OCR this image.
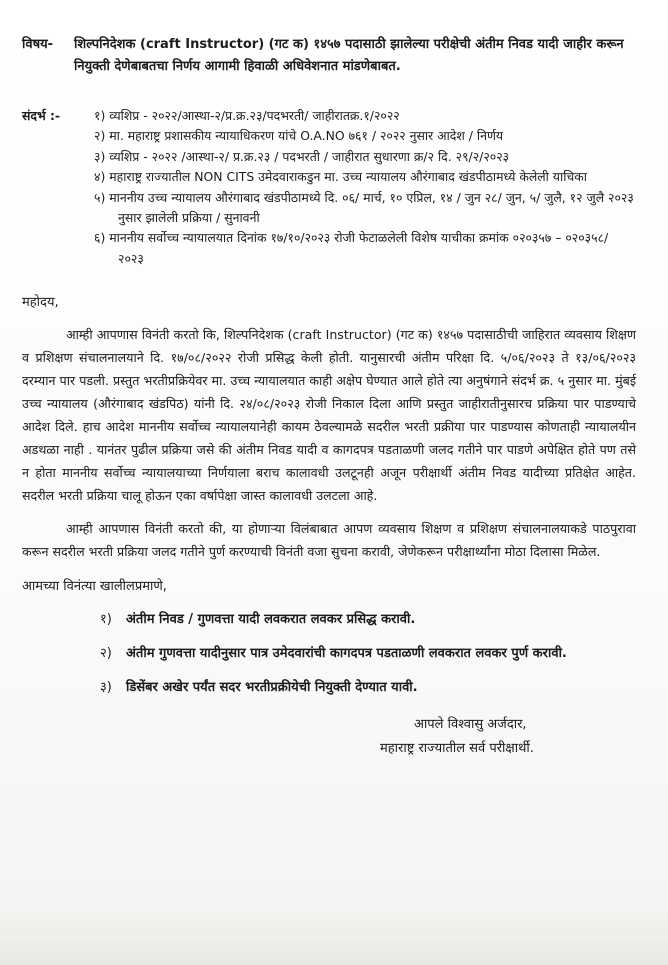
विषय- शिल्पनिदेशक (craft Instructor) (गट क) १४५७ पदासाठी झालेल्या परीक्षेची अंतीम निवड यादी जाहीर करून नियुक्ती देणेबाबतचा निर्णय आगामी हिवाळी अधिवेशनात मांडणेबाबत.
संदर्भ :-	१) व्यशिप्र - २०२२/आस्था-२/प्र.क्र.२३/पदभरती/ जाहीरातक्र.१/२०२२
२) मा. महाराष्ट्र प्रशासकीय न्यायाधिकरण यांचे O.A.NO ७६१ / २०२२ नुसार आदेश / निर्णय
३) व्यशिप्र - २०२२ /आस्था-२/ प्र.क्र.२३ / पदभरती / जाहीरात सुधारणा क्र/२ दि. २९/२/२०२३
४) महाराष्ट्र राज्यातील NON CITS उमेदवाराकडुन मा. उच्च न्यायालय औरंगाबाद खंडपीठामध्ये केलेली याचिका
५) माननीय उच्च न्यायालय औरंगाबाद खंडपीठामध्ये दि. ०६/ मार्च, १० एप्रिल, १४ / जुन २८/ जुन, ५/ जुलै, १२ जुलै २०२३ नुसार झालेली प्रक्रिया / सुनावनी
६) माननीय सर्वोच्च न्यायालयात दिनांक १७/१०/२०२३ रोजी फेटाळलेली विशेष याचीका क्रमांक ०२०३५७ – ०२०३५८/ २०२३
महोदय,
आम्ही आपणास विनंती करतो कि, शिल्पनिदेशक (craft Instructor) (गट क) १४५७ पदासाठीची जाहिरात व्यवसाय शिक्षण व प्रशिक्षण संचालनालयाने दि. १७/०८/२०२२ रोजी प्रसिद्ध केली होती. यानुसारची अंतीम परिक्षा दि. ५/०६/२०२३ ते १३/०६/२०२३ दरम्यान पार पडली. प्रस्तुत भरतीप्रक्रियेवर मा. उच्च न्यायालयात काही अक्षेप घेण्यात आले होते त्या अनुषंगाने संदर्भ क्र. ५ नुसार मा. मुंबई उच्च न्यायालय (औरंगाबाद खंडपिठ) यांनी दि. २४/०८/२०२३ रोजी निकाल दिला आणि प्रस्तुत जाहीरातीनुसारच प्रक्रिया पार पाडण्याचे आदेश दिले. हाच आदेश माननीय सर्वोच्च न्यायालयानेही कायम ठेवल्यामळे सदरील भरती प्रक्रीया पार पाडण्यास कोणताही न्यायालयीन अडथळा नाही . यानंतर पुढील प्रक्रिया जसे की अंतीम निवड यादी व कागदपत्र पडताळणी जलद गतीने पार पाडणे अपेक्षित होते पण तसे न होता माननीय सर्वोच्च न्यायालयाच्या निर्णयाला बराच कालावधी उलटूनही अजून परीक्षार्थी अंतीम निवड यादीच्या प्रतिक्षेत आहेत. सदरील भरती प्रक्रिया चालू होऊन एका वर्षापेक्षा जास्त कालावधी उलटला आहे.
आम्ही आपणास विनंती करतो की, या होणाऱ्या विलंबाबात आपण व्यवसाय शिक्षण व प्रशिक्षण संचालनालयाकडे पाठपुरावा करून सदरील भरती प्रक्रिया जलद गतीने पुर्ण करण्याची विनंती वजा सुचना करावी, जेणेकरून परीक्षार्थ्यांना मोठा दिलासा मिळेल.
आमच्या विनंत्या खालीलप्रमाणे,
१) अंतीम निवड / गुणवत्ता यादी लवकरात लवकर प्रसिद्ध करावी.
२) अंतीम गुणवत्ता यादीनुसार पात्र उमेदवारांची कागदपत्र पडताळणी लवकरात लवकर पुर्ण करावी.
३) डिसेंबर अखेर पर्यंत सदर भरतीप्रक्रीयेची नियुक्ती देण्यात यावी.
आपले विश्वासु अर्जदार,
महाराष्ट्र राज्यातील सर्व परीक्षार्थी.
